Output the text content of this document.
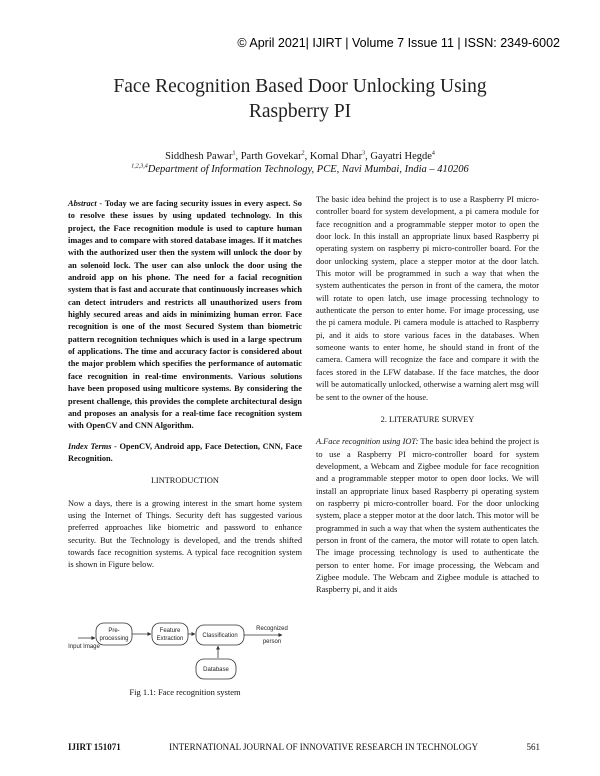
© April 2021| IJIRT | Volume 7 Issue 11 | ISSN: 2349-6002
Face Recognition Based Door Unlocking Using
Raspberry PI
Siddhesh Pawar$^1$, Parth Govekar$^2$, Komal Dhar$^3$, Gayatri Hegde$^4$
$^{1,2,3,4}$Department of Information Technology, PCE, Navi Mumbai, India – 410206

Abstract - Today we are facing security issues in every aspect. So to resolve these issues by using updated technology. In this project, the Face recognition module is used to capture human images and to compare with stored database images. If it matches with the authorized user then the system will unlock the door by an solenoid lock. The user can also unlock the door using the android app on his phone. The need for a facial recognition system that is fast and accurate that continuously increases which can detect intruders and restricts all unauthorized users from highly secured areas and aids in minimizing human error. Face recognition is one of the most Secured System than biometric pattern recognition techniques which is used in a large spectrum of applications. The time and accuracy factor is considered about the major problem which specifies the performance of automatic face recognition in real-time environments. Various solutions have been proposed using multicore systems. By considering the present challenge, this provides the complete architectural design and proposes an analysis for a real-time face recognition system with OpenCV and CNN Algorithm.

Index Terms - OpenCV, Android app, Face Detection, CNN, Face Recognition.

I.INTRODUCTION

Now a days, there is a growing interest in the smart home system using the Internet of Things. Security deft has suggested various preferred approaches like biometric and password to enhance security. But the Technology is developed, and the trends shifted towards face recognition systems. A typical face recognition system is shown in Figure below.

Pre-
processing
Feature
Extraction	Classification
Database
Input Image
Recognized
person
Fig 1.1: Face recognition system

The basic idea behind the project is to use a Raspberry PI micro-controller board for system development, a pi camera module for face recognition and a programmable stepper motor to open the door lock. In this install an appropriate linux based Raspberry pi operating system on raspberry pi micro-controller board. For the door unlocking system, place a stepper motor at the door latch. This motor will be programmed in such a way that when the system authenticates the person in front of the camera, the motor will rotate to open latch, use image processing technology to authenticate the person to enter home. For image processing, use the pi camera module. Pi camera module is attached to Raspberry pi, and it aids to store various faces in the databases. When someone wants to enter home, he should stand in front of the camera. Camera will recognize the face and compare it with the faces stored in the LFW database. If the face matches, the door will be automatically unlocked, otherwise a warning alert msg will be sent to the owner of the house.

2. LITERATURE SURVEY

A.Face recognition using IOT: The basic idea behind the project is to use a Raspberry PI micro-controller board for system development, a Webcam and Zigbee module for face recognition and a programmable stepper motor to open door locks. We will install an appropriate linux based Raspberry pi operating system on raspberry pi micro-controller board. For the door unlocking system, place a stepper motor at the door latch. This motor will be programmed in such a way that when the system authenticates the person in front of the camera, the motor will rotate to open latch. The image processing technology is used to authenticate the person to enter home. For image processing, the Webcam and Zigbee module. The Webcam and Zigbee module is attached to Raspberry pi, and it aids

IJIRT 151071	INTERNATIONAL JOURNAL OF INNOVATIVE RESEARCH IN TECHNOLOGY	561
